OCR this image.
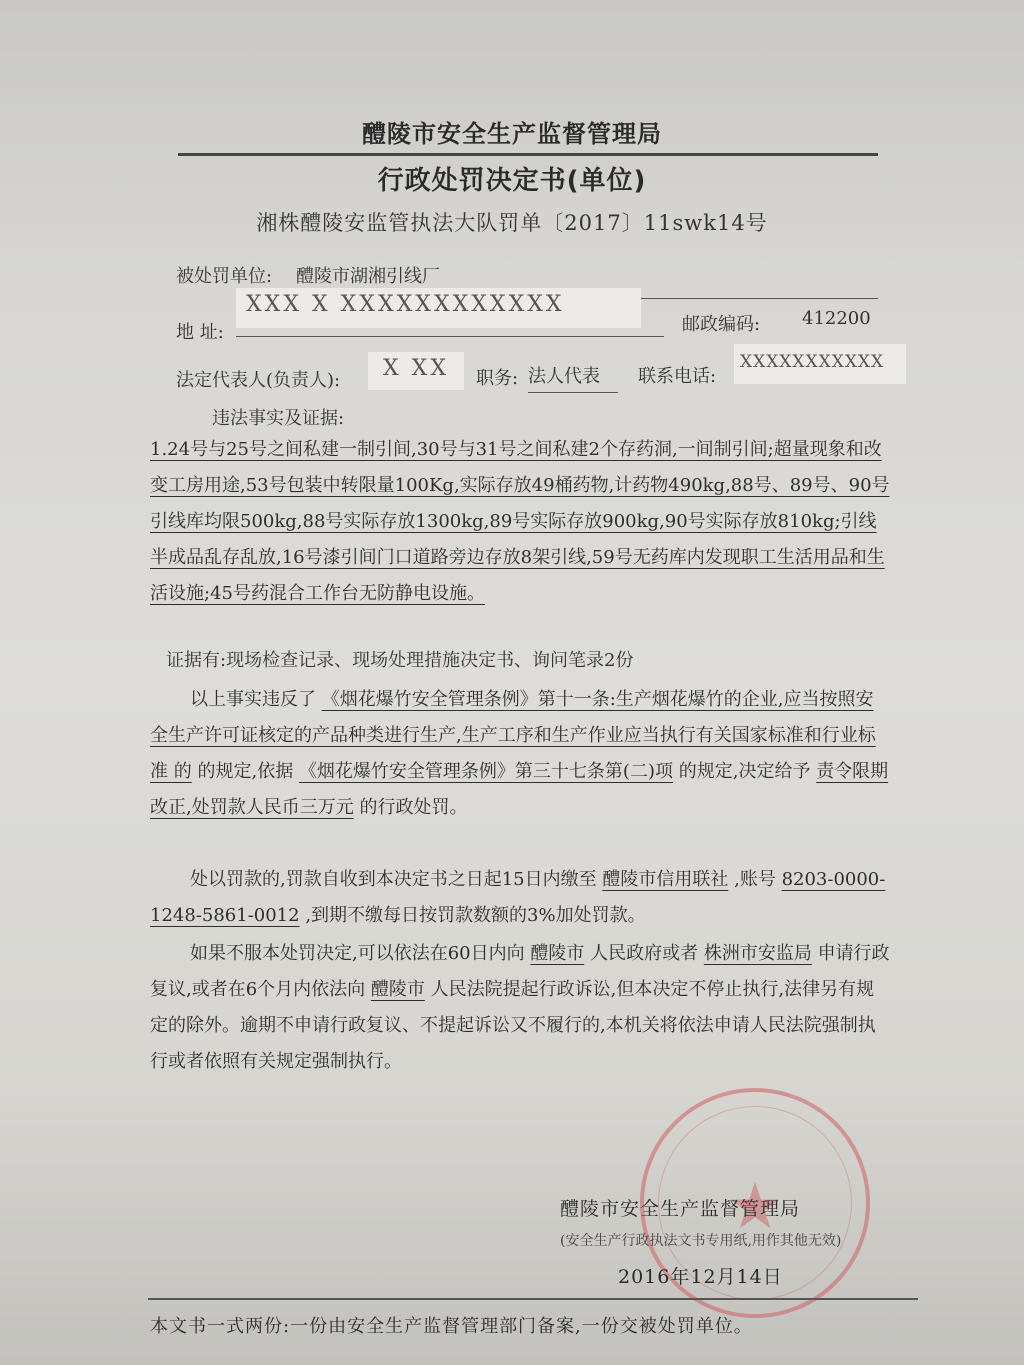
醴陵市安全生产监督管理局
行政处罚决定书(单位)
湘株醴陵安监管执法大队罚单〔2017〕11swk14号
被处罚单位: 醴陵市湖湘引线厂
地 址:
XXX X XXXXXXXXXXXX
邮政编码: 412200
法定代表人(负责人):	X XX	职务: 法人代表	联系电话:
XXXXXXXXXXX
违法事实及证据:

1.24号与25号之间私建一制引间,30号与31号之间私建2个存药洞,一间制引间;超量现象和改变工房用途,53号包装中转限量100Kg,实际存放49桶药物,计药物490kg,88号、89号、90号引线库均限500kg,88号实际存放1300kg,89号实际存放900kg,90号实际存放810kg;引线半成品乱存乱放,16号漆引间门口道路旁边存放8架引线,59号无药库内发现职工生活用品和生活设施;45号药混合工作台无防静电设施。

证据有:现场检查记录、现场处理措施决定书、询问笔录2份

以上事实违反了 《烟花爆竹安全管理条例》第十一条:生产烟花爆竹的企业,应当按照安全生产许可证核定的产品种类进行生产,生产工序和生产作业应当执行有关国家标准和行业标准 的 的规定,依据 《烟花爆竹安全管理条例》第三十七条第(二)项 的规定,决定给予 责令限期改正,处罚款人民币三万元 的行政处罚。

处以罚款的,罚款自收到本决定书之日起15日内缴至 醴陵市信用联社 ,账号 8203-0000-1248-5861-0012 ,到期不缴每日按罚款数额的3%加处罚款。

如果不服本处罚决定,可以依法在60日内向 醴陵市 人民政府或者 株洲市安监局 申请行政复议,或者在6个月内依法向 醴陵市 人民法院提起行政诉讼,但本决定不停止执行,法律另有规定的除外。逾期不申请行政复议、不提起诉讼又不履行的,本机关将依法申请人民法院强制执行或者依照有关规定强制执行。

★
醴陵市安全生产监督管理局
(安全生产行政执法文书专用纸,用作其他无效)
2016年12月14日
本文书一式两份:一份由安全生产监督管理部门备案,一份交被处罚单位。
